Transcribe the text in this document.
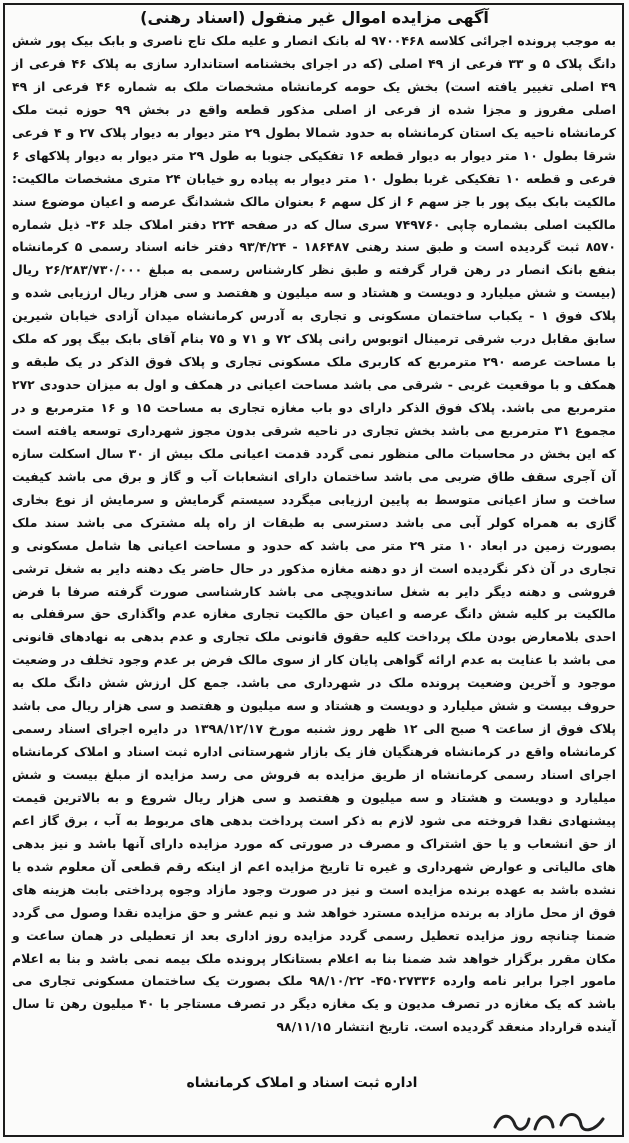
آگهی مزایده اموال غیر منقول (اسناد رهنی)
به موجب پرونده اجرائی کلاسه ۹۷۰۰۴۶۸ له بانک انصار و علیه ملک تاج ناصری و بابک بیک پور شش دانگ پلاک ۵ و ۳۳ فرعی از ۴۹ اصلی (که در اجرای بخشنامه استاندارد سازی به پلاک ۴۶ فرعی از ۴۹ اصلی تغییر یافته است) بخش یک حومه کرمانشاه مشخصات ملک به شماره ۴۶ فرعی از ۴۹ اصلی مفروز و مجزا شده از فرعی از اصلی مذکور قطعه واقع در بخش ۹۹ حوزه ثبت ملک کرمانشاه ناحیه یک استان کرمانشاه به حدود شمالا بطول ۲۹ متر دیوار به دیوار پلاک ۲۷ و ۴ فرعی شرقا بطول ۱۰ متر دیوار به دیوار قطعه ۱۶ تفکیکی جنوبا به طول ۲۹ متر دیوار به دیوار پلاکهای ۶ فرعی و قطعه ۱۰ تفکیکی غربا بطول ۱۰ متر دیوار به پیاده رو خیابان ۲۴ متری مشخصات مالکیت: مالکیت بابک بیک پور با جز سهم ۶ از کل سهم ۶ بعنوان مالک ششدانگ عرصه و اعیان موضوع سند مالکیت اصلی بشماره چاپی ۷۴۹۷۶۰ سری سال که در صفحه ۲۲۴ دفتر املاک جلد ۳۶- ذیل شماره ۸۵۷۰ ثبت گردیده است و طبق سند رهنی ۱۸۶۴۸۷ - ۹۳/۴/۲۴ دفتر خانه اسناد رسمی ۵ کرمانشاه بنفع بانک انصار در رهن قرار گرفته و طبق نظر کارشناس رسمی به مبلغ ۲۶/۲۸۳/۷۳۰/۰۰۰ ریال (بیست و شش میلیارد و دویست و هشتاد و سه میلیون و هفتصد و سی هزار ریال ارزیابی شده و پلاک فوق ۱ - یکباب ساختمان مسکونی و تجاری به آدرس کرمانشاه میدان آزادی خیابان شیرین سابق مقابل درب شرقی ترمینال اتوبوس رانی پلاک ۷۲ و ۷۱ و ۷۵ بنام آقای بابک بیگ پور که ملک با مساحت عرصه ۲۹۰ مترمربع که کاربری ملک مسکونی تجاری و پلاک فوق الذکر در یک طبقه و همکف و با موقعیت غربی - شرقی می باشد مساحت اعیانی در همکف و اول به میزان حدودی ۲۷۲ مترمربع می باشد. پلاک فوق الذکر دارای دو باب مغازه تجاری به مساحت ۱۵ و ۱۶ مترمربع و در مجموع ۳۱ مترمربع می باشد بخش تجاری در ناحیه شرقی بدون مجوز شهرداری توسعه یافته است که این بخش در محاسبات مالی منظور نمی گردد قدمت اعیانی ملک بیش از ۳۰ سال اسکلت سازه آن آجری سقف طاق ضربی می باشد ساختمان دارای انشعابات آب و گاز و برق می باشد کیفیت ساخت و ساز اعیانی متوسط به پایین ارزیابی میگردد سیستم گرمایش و سرمایش از نوع بخاری گازی به همراه کولر آبی می باشد دسترسی به طبقات از راه پله مشترک می باشد سند ملک بصورت زمین در ابعاد ۱۰ متر ۲۹ متر می باشد که حدود و مساحت اعیانی ها شامل مسکونی و تجاری در آن ذکر نگردیده است از دو دهنه مغازه مذکور در حال حاضر یک دهنه دایر به شغل ترشی فروشی و دهنه دیگر دایر به شغل ساندویچی می باشد کارشناسی صورت گرفته صرفا با فرض مالکیت بر کلیه شش دانگ عرصه و اعیان حق مالکیت تجاری مغازه عدم واگذاری حق سرقفلی به احدی بلامعارض بودن ملک پرداخت کلیه حقوق قانونی ملک تجاری و عدم بدهی به نهادهای قانونی می باشد با عنایت به عدم ارائه گواهی پایان کار از سوی مالک فرض بر عدم وجود تخلف در وضعیت موجود و آخرین وضعیت پرونده ملک در شهرداری می باشد. جمع کل ارزش شش دانگ ملک به حروف بیست و شش میلیارد و دویست و هشتاد و سه میلیون و هفتصد و سی هزار ریال می باشد پلاک فوق از ساعت ۹ صبح الی ۱۲ ظهر روز شنبه مورخ ۱۳۹۸/۱۲/۱۷ در دایره اجرای اسناد رسمی کرمانشاه واقع در کرمانشاه فرهنگیان فاز یک بازار شهرستانی اداره ثبت اسناد و املاک کرمانشاه اجرای اسناد رسمی کرمانشاه از طریق مزایده به فروش می رسد مزایده از مبلغ بیست و شش میلیارد و دویست و هشتاد و سه میلیون و هفتصد و سی هزار ریال شروع و به بالاترین قیمت پیشنهادی نقدا فروخته می شود لازم به ذکر است پرداخت بدهی های مربوط به آب ، برق گاز اعم از حق انشعاب و یا حق اشتراک و مصرف در صورتی که مورد مزایده دارای آنها باشد و نیز بدهی های مالیاتی و عوارض شهرداری و غیره تا تاریخ مزایده اعم از اینکه رقم قطعی آن معلوم شده یا نشده باشد به عهده برنده مزایده است و نیز در صورت وجود مازاد وجوه پرداختی بابت هزینه های فوق از محل مازاد به برنده مزایده مسترد خواهد شد و نیم عشر و حق مزایده نقدا وصول می گردد ضمنا چنانچه روز مزایده تعطیل رسمی گردد مزایده روز اداری بعد از تعطیلی در همان ساعت و مکان مقرر برگزار خواهد شد ضمنا بنا به اعلام بستانکار پرونده ملک بیمه نمی باشد و بنا به اعلام مامور اجرا برابر نامه وارده ۴۵۰۲۷۳۳۶- ۹۸/۱۰/۲۲ ملک بصورت یک ساختمان مسکونی تجاری می باشد که یک مغازه در تصرف مدیون و یک مغازه دیگر در تصرف مستاجر با ۴۰ میلیون رهن تا سال آینده قرارداد منعقد گردیده است. تاریخ انتشار ۹۸/۱۱/۱۵
اداره ثبت اسناد و املاک کرمانشاه
